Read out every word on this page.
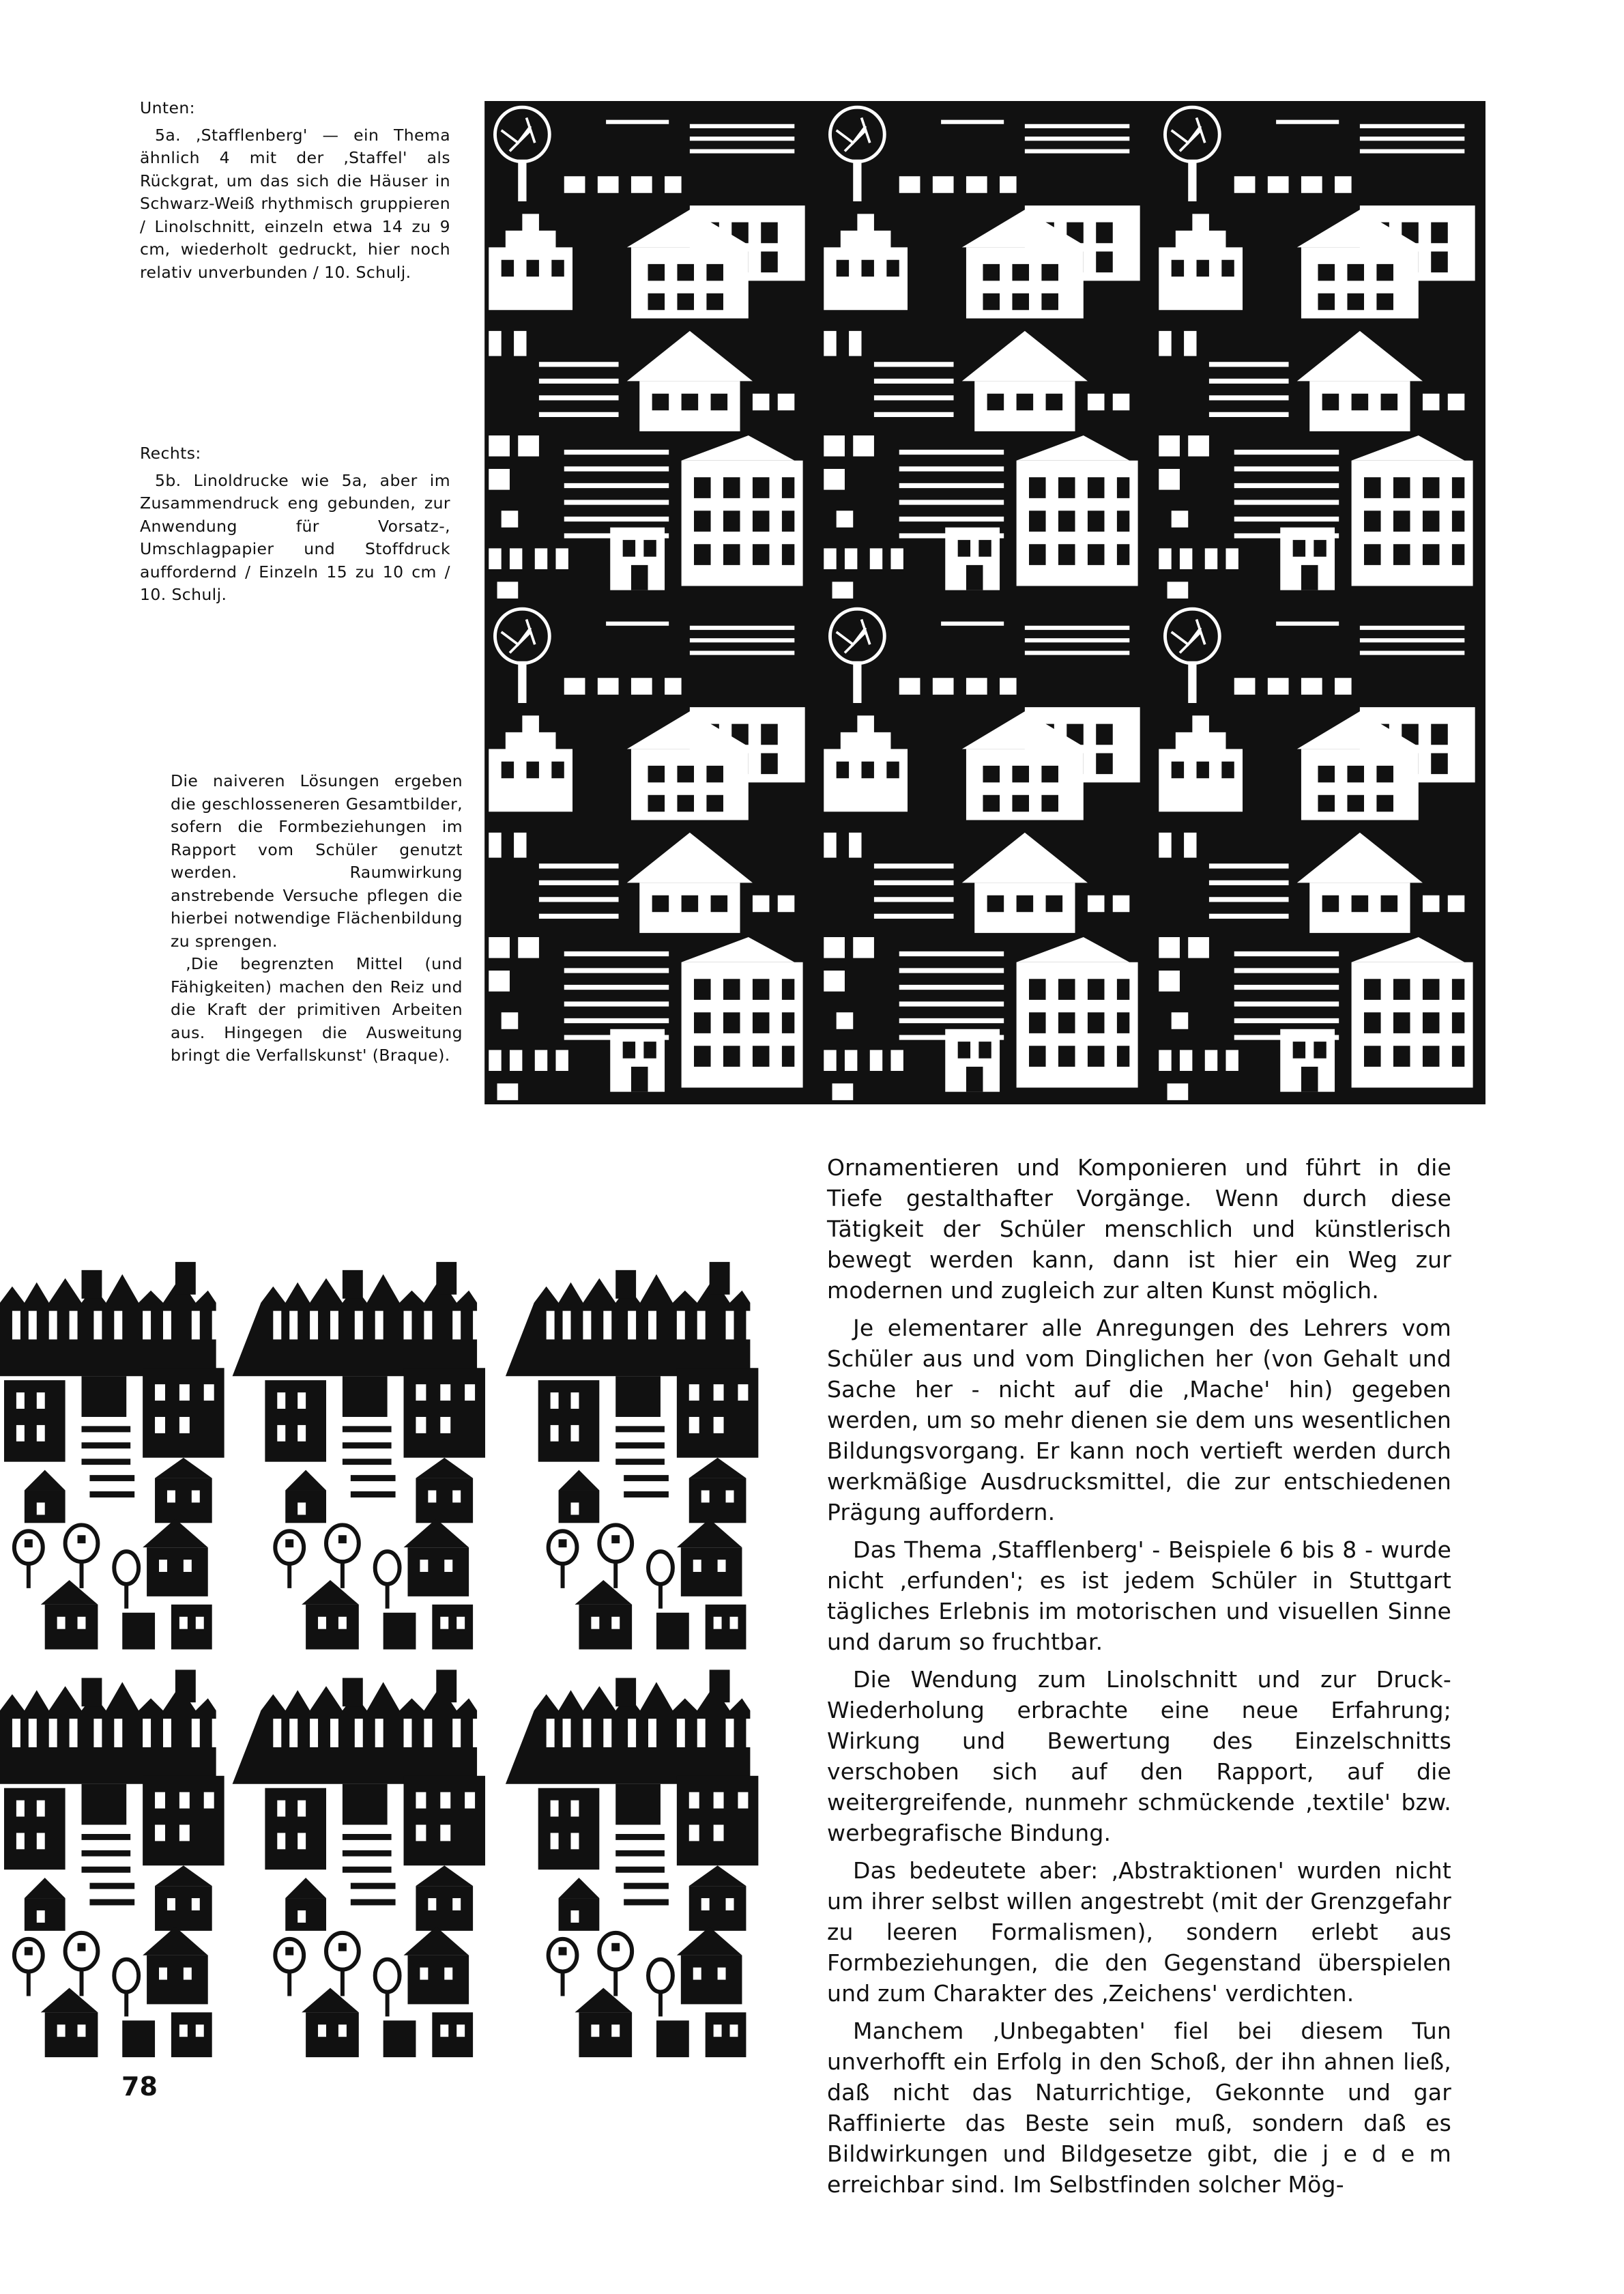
Unten:

5a. ‚Stafflenberg' — ein Thema ähnlich 4 mit der ‚Staffel' als Rückgrat, um das sich die Häuser in Schwarz-Weiß rhythmisch gruppieren / Linolschnitt, einzeln etwa 14 zu 9 cm, wiederholt gedruckt, hier noch relativ unverbunden / 10. Schulj.

Rechts:

5b. Linoldrucke wie 5a, aber im Zusammendruck eng gebunden, zur Anwendung für Vorsatz-, Umschlagpapier und Stoffdruck auffordernd / Einzeln 15 zu 10 cm / 10. Schulj.

Die naiveren Lösungen ergeben die geschlosseneren Gesamtbilder, sofern die Formbeziehungen im Rapport vom Schüler genutzt werden. Raumwirkung anstrebende Versuche pflegen die hierbei notwendige Flächenbildung zu sprengen.

‚Die begrenzten Mittel (und Fähigkeiten) machen den Reiz und die Kraft der primitiven Arbeiten aus. Hingegen die Ausweitung bringt die Verfallskunst' (Braque).

Ornamentieren und Komponieren und führt in die Tiefe gestalthafter Vorgänge. Wenn durch diese Tätigkeit der Schüler menschlich und künstlerisch bewegt werden kann, dann ist hier ein Weg zur modernen und zugleich zur alten Kunst möglich.

Je elementarer alle Anregungen des Lehrers vom Schüler aus und vom Dinglichen her (von Gehalt und Sache her - nicht auf die ‚Mache' hin) gegeben werden, um so mehr dienen sie dem uns wesentlichen Bildungsvorgang. Er kann noch vertieft werden durch werkmäßige Ausdrucksmittel, die zur entschiedenen Prägung auffordern.

Das Thema ‚Stafflenberg' - Beispiele 6 bis 8 - wurde nicht ‚erfunden'; es ist jedem Schüler in Stuttgart tägliches Erlebnis im motorischen und visuellen Sinne und darum so fruchtbar.

Die Wendung zum Linolschnitt und zur Druck-Wiederholung erbrachte eine neue Erfahrung; Wirkung und Bewertung des Einzelschnitts verschoben sich auf den Rapport, auf die weitergreifende, nunmehr schmückende ‚textile' bzw. werbegrafische Bindung.

Das bedeutete aber: ‚Abstraktionen' wurden nicht um ihrer selbst willen angestrebt (mit der Grenzgefahr zu leeren Formalismen), sondern erlebt aus Formbeziehungen, die den Gegenstand überspielen und zum Charakter des ‚Zeichens' verdichten.

Manchem ‚Unbegabten' fiel bei diesem Tun unverhofft ein Erfolg in den Schoß, der ihn ahnen ließ, daß nicht das Naturrichtige, Gekonnte und gar Raffinierte das Beste sein muß, sondern daß es Bildwirkungen und Bildgesetze gibt, die j e d e m erreichbar sind. Im Selbstfinden solcher Mög-

78
